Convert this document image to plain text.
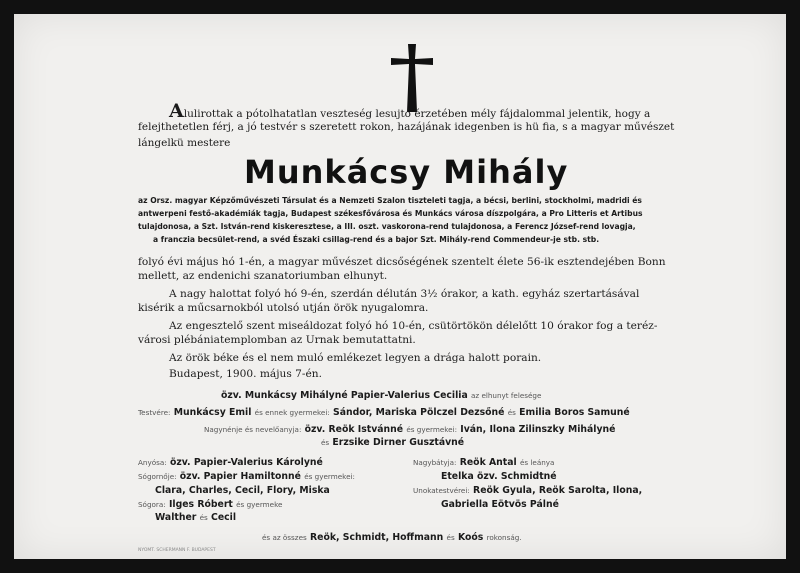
Alulirottak a pótolhatatlan veszteség lesujtó érzetében mély fájdalommal jelentik, hogy a
felejthetetlen férj, a jó testvér s szeretett rokon, hazájának idegenben is hü fia, s a magyar művészet
lángelkü mestere
Munkácsy Mihály
az Orsz. magyar Képzőművészeti Társulat és a Nemzeti Szalon tiszteleti tagja, a bécsi, berlini, stockholmi, madridi és
antwerpeni festő-akadémiák tagja, Budapest székesfővárosa és Munkács városa díszpolgára, a Pro Litteris et Artibus
tulajdonosa, a Szt. István-rend kiskeresztese, a III. oszt. vaskorona-rend tulajdonosa, a Ferencz József-rend lovagja,
a franczia becsület-rend, a svéd Északi csillag-rend és a bajor Szt. Mihály-rend Commendeur-je stb. stb.
folyó évi május hó 1-én, a magyar művészet dicsőségének szentelt élete 56-ik esztendejében Bonn
mellett, az endenichi szanatoriumban elhunyt.
A nagy halottat folyó hó 9-én, szerdán délután 3½ órakor, a kath. egyház szertartásával
kisérik a műcsarnokból utolsó utján örök nyugalomra.
Az engesztelő szent miseáldozat folyó hó 10-én, csütörtökön délelőtt 10 órakor fog a teréz-
városi plébániatemplomban az Urnak bemutattatni.
Az örök béke és el nem muló emlékezet legyen a drága halott porain.
Budapest, 1900. május 7-én.
özv. Munkácsy Mihályné Papier-Valerius Cecilia az elhunyt felesége
Testvére: Munkácsy Emil és ennek gyermekei: Sándor, Mariska Pölczel Dezsőné és Emilia Boros Samuné
Nagynénje és nevelőanyja: özv. Reök Istvánné és gyermekei: Iván, Ilona Zilinszky Mihályné
és Erzsike Dirner Gusztávné
Anyósa: özv. Papier-Valerius Károlyné	Nagybátyja: Reök Antal és leánya
Etelka özv. Schmidtné
Sógornője: özv. Papier Hamiltonné és gyermekei:
Clara, Charles, Cecil, Flory, Miska	Unokatestvérei: Reök Gyula, Reök Sarolta, Ilona,
Gabriella Eötvös Pálné
Sógora: Ilges Róbert és gyermeke
Walther és Cecil
és az összes Reök, Schmidt, Hoffmann és Koós rokonság.
NYOMT. SCHERMANN F. BUDAPEST
